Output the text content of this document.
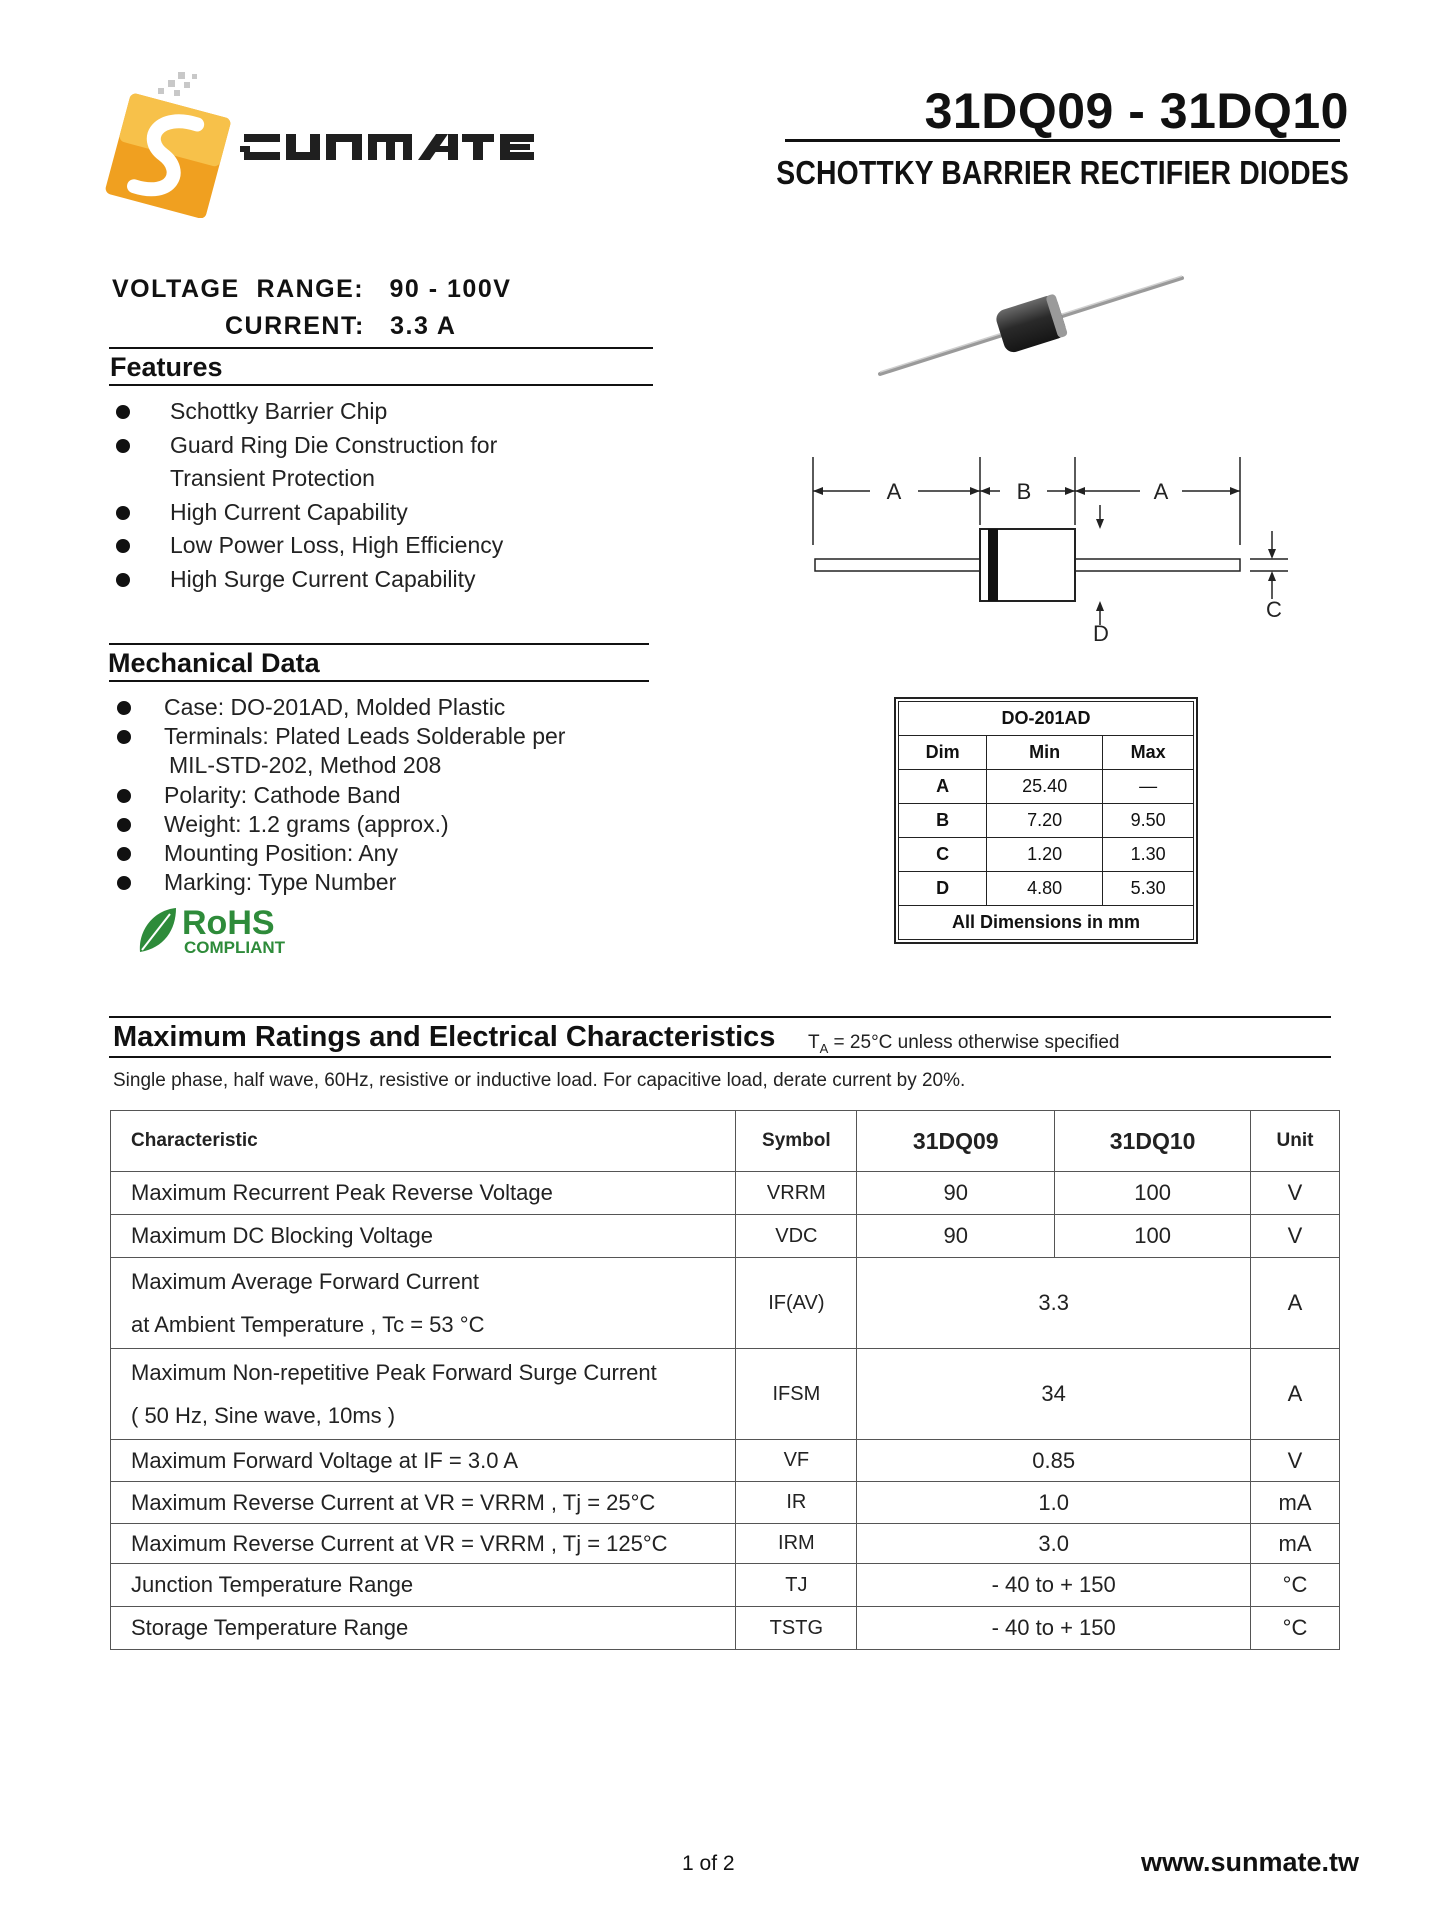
31DQ09 - 31DQ10
SCHOTTKY BARRIER RECTIFIER DIODES
VOLTAGE  RANGE: 90 - 100V
CURRENT: 3.3 A
Features
Schottky Barrier Chip
Guard Ring Die Construction for
Transient Protection
High Current Capability
Low Power Loss, High Efficiency
High Surge Current Capability
Mechanical Data
Case: DO-201AD, Molded Plastic
Terminals: Plated Leads Solderable per
MIL-STD-202, Method 208
Polarity: Cathode Band
Weight: 1.2 grams (approx.)
Mounting Position: Any
Marking: Type Number
RoHS
COMPLIANT
A	B	A
C
D
DO-201AD		
Dim	Min	Max
A	25.40	—
B	7.20	9.50
C	1.20	1.30
D	4.80	5.30
All Dimensions in mm		
Maximum Ratings and Electrical Characteristics $T_A = 25^\circ C$ unless otherwise specified
Single phase, half wave, 60Hz, resistive or inductive load. For capacitive load, derate current by 20%.
Characteristic	Symbol	31DQ09	31DQ10	Unit
Maximum Recurrent Peak Reverse Voltage	VRRM	90	100	V
Maximum DC Blocking Voltage	VDC	90	100	V
Maximum Average Forward Current
at Ambient Temperature , Tc = 53 °C	IF(AV)	3.3		A
Maximum Non-repetitive Peak Forward Surge Current
( 50 Hz, Sine wave, 10ms )	IFSM	34		A
Maximum Forward Voltage at IF = 3.0 A	VF	0.85		V
Maximum Reverse Current at VR = VRRM , Tj = 25°C	IR	1.0		mA
Maximum Reverse Current at VR = VRRM , Tj = 125°C	IRM	3.0		mA
Junction Temperature Range	TJ	- 40 to + 150		°C
Storage Temperature Range	TSTG	- 40 to + 150		°C
1 of 2	www.sunmate.tw
